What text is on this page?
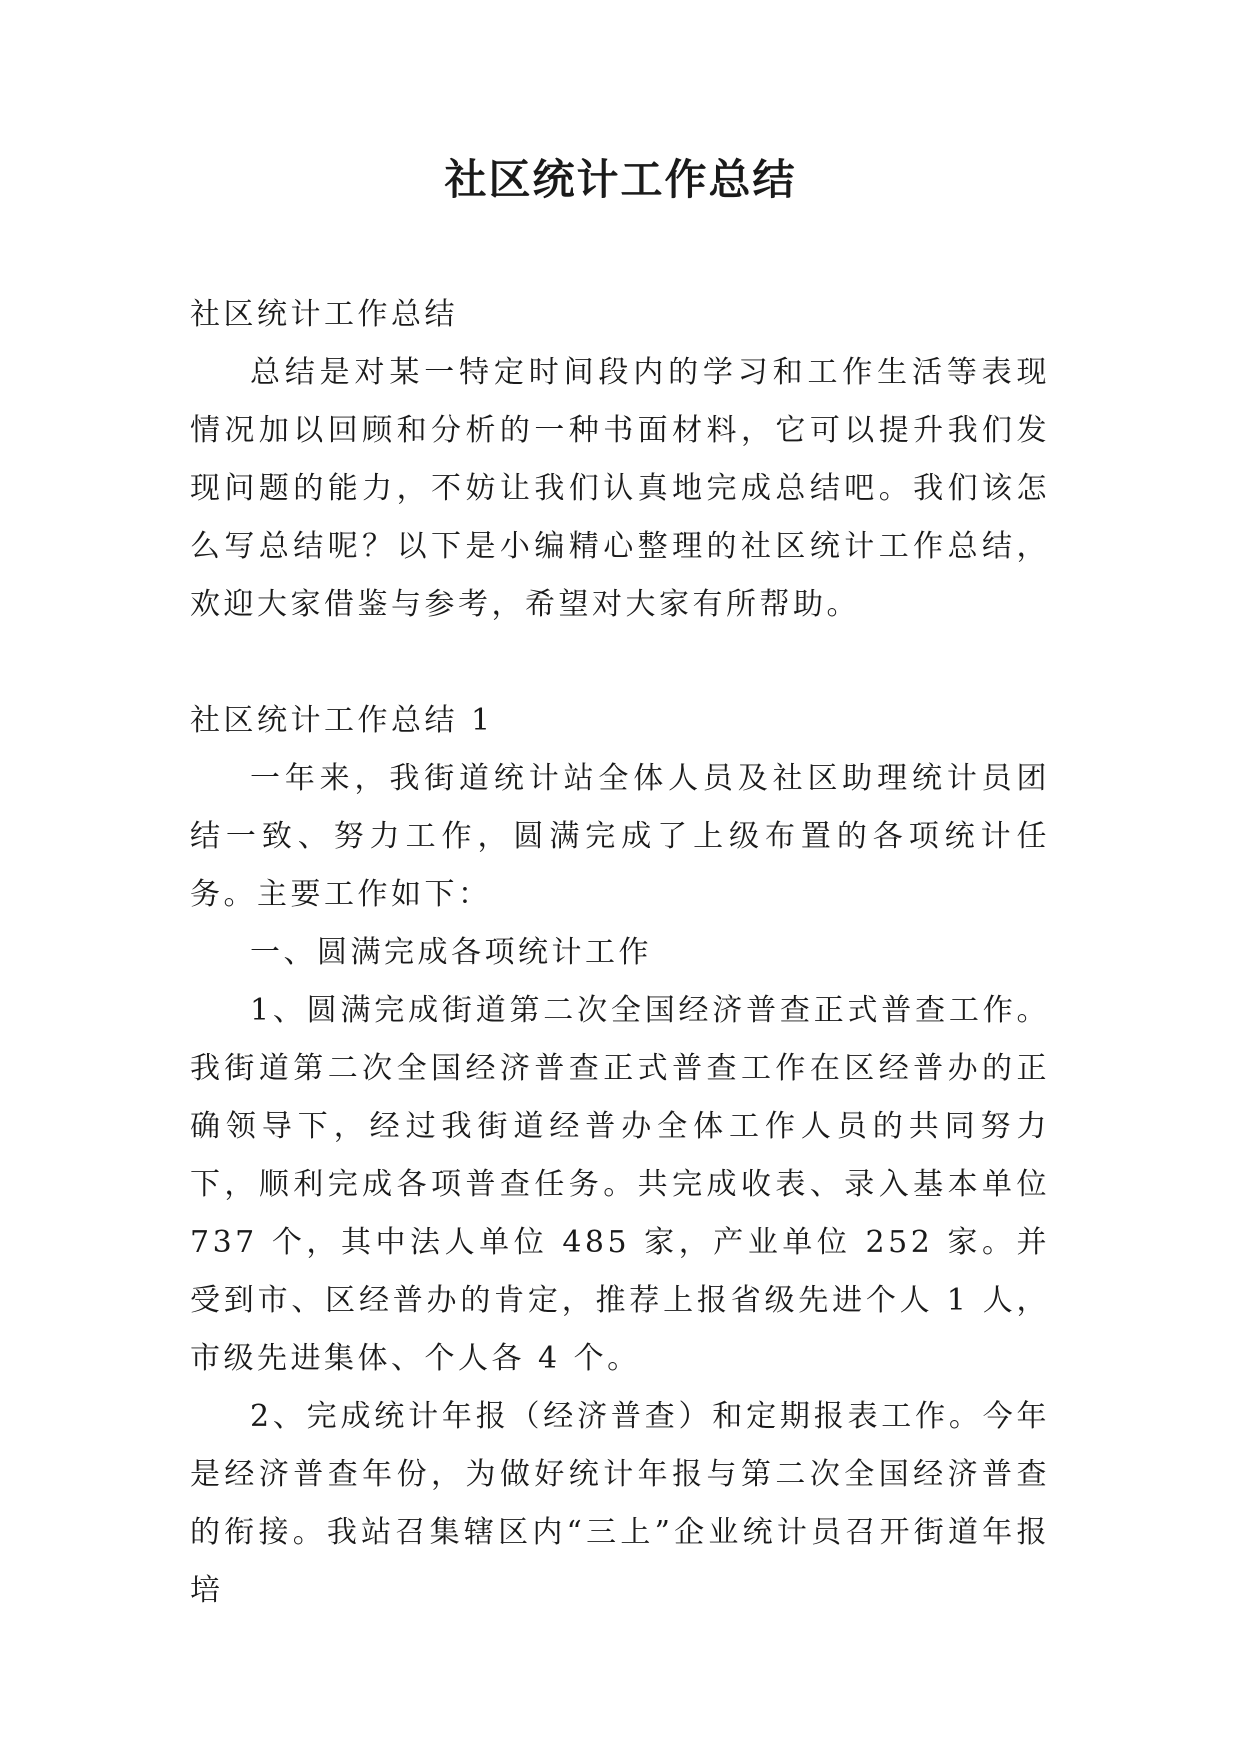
社区统计工作总结

社区统计工作总结

总结是对某一特定时间段内的学习和工作生活等表现情况加以回顾和分析的一种书面材料，它可以提升我们发现问题的能力，不妨让我们认真地完成总结吧。我们该怎么写总结呢？以下是小编精心整理的社区统计工作总结，欢迎大家借鉴与参考，希望对大家有所帮助。

社区统计工作总结 1

一年来，我街道统计站全体人员及社区助理统计员团结一致、努力工作，圆满完成了上级布置的各项统计任务。主要工作如下：

一、圆满完成各项统计工作

1、圆满完成街道第二次全国经济普查正式普查工作。我街道第二次全国经济普查正式普查工作在区经普办的正确领导下，经过我街道经普办全体工作人员的共同努力下，顺利完成各项普查任务。共完成收表、录入基本单位 737 个，其中法人单位 485 家，产业单位 252 家。并受到市、区经普办的肯定，推荐上报省级先进个人 1 人，市级先进集体、个人各 4 个。

2、完成统计年报（经济普查）和定期报表工作。今年是经济普查年份，为做好统计年报与第二次全国经济普查的衔接。我站召集辖区内“三上”企业统计员召开街道年报培
